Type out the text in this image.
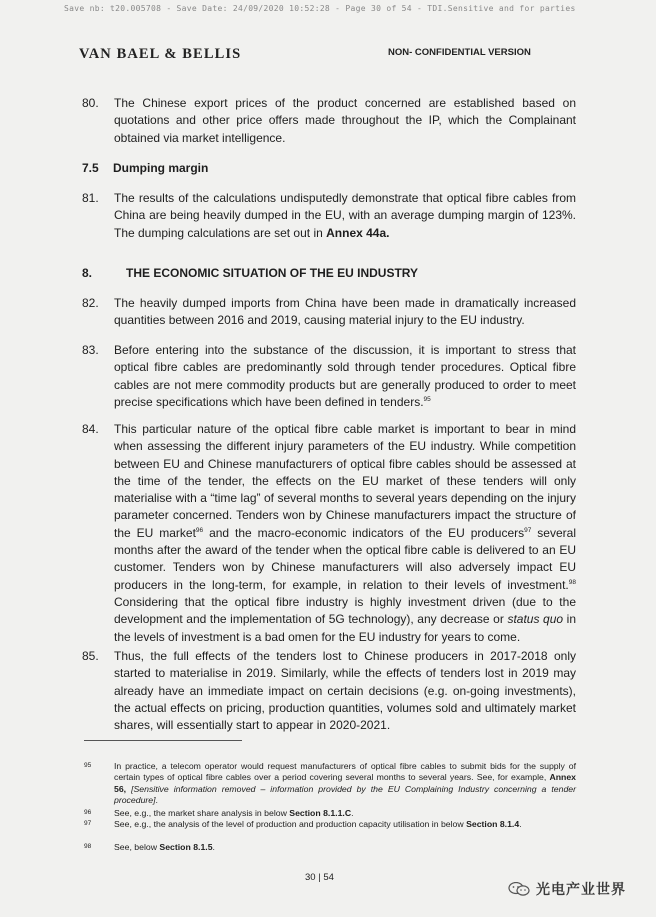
Save nb: t20.005708 - Save Date: 24/09/2020 10:52:28 - Page 30 of 54 - TDI.Sensitive and for parties
VAN BAEL & BELLIS	NON- CONFIDENTIAL VERSION
80. The Chinese export prices of the product concerned are established based on quotations and other price offers made throughout the IP, which the Complainant obtained via market intelligence.
7.5 Dumping margin
81. The results of the calculations undisputedly demonstrate that optical fibre cables from China are being heavily dumped in the EU, with an average dumping margin of 123%. The dumping calculations are set out in Annex 44a.
8.	THE ECONOMIC SITUATION OF THE EU INDUSTRY
82. The heavily dumped imports from China have been made in dramatically increased quantities between 2016 and 2019, causing material injury to the EU industry.
83. Before entering into the substance of the discussion, it is important to stress that optical fibre cables are predominantly sold through tender procedures. Optical fibre cables are not mere commodity products but are generally produced to order to meet precise specifications which have been defined in tenders.$^{95}$
84. This particular nature of the optical fibre cable market is important to bear in mind when assessing the different injury parameters of the EU industry. While competition between EU and Chinese manufacturers of optical fibre cables should be assessed at the time of the tender, the effects on the EU market of these tenders will only materialise with a “time lag” of several months to several years depending on the injury parameter concerned. Tenders won by Chinese manufacturers impact the structure of the EU market$^{96}$ and the macro-economic indicators of the EU producers$^{97}$ several months after the award of the tender when the optical fibre cable is delivered to an EU customer. Tenders won by Chinese manufacturers will also adversely impact EU producers in the long-term, for example, in relation to their levels of investment.$^{98}$ Considering that the optical fibre industry is highly investment driven (due to the development and the implementation of 5G technology), any decrease or status quo in the levels of investment is a bad omen for the EU industry for years to come.
85. Thus, the full effects of the tenders lost to Chinese producers in 2017-2018 only started to materialise in 2019. Similarly, while the effects of tenders lost in 2019 may already have an immediate impact on certain decisions (e.g. on-going investments), the actual effects on pricing, production quantities, volumes sold and ultimately market shares, will essentially start to appear in 2020-2021.
95	In practice, a telecom operator would request manufacturers of optical fibre cables to submit bids for the supply of certain types of optical fibre cables over a period covering several months to several years. See, for example, Annex 56, [Sensitive information removed – information provided by the EU Complaining Industry concerning a tender procedure].
96	See, e.g., the market share analysis in below Section 8.1.1.C.
97	See, e.g., the analysis of the level of production and production capacity utilisation in below Section 8.1.4.
98	See, below Section 8.1.5.
30 | 54
光电产业世界
